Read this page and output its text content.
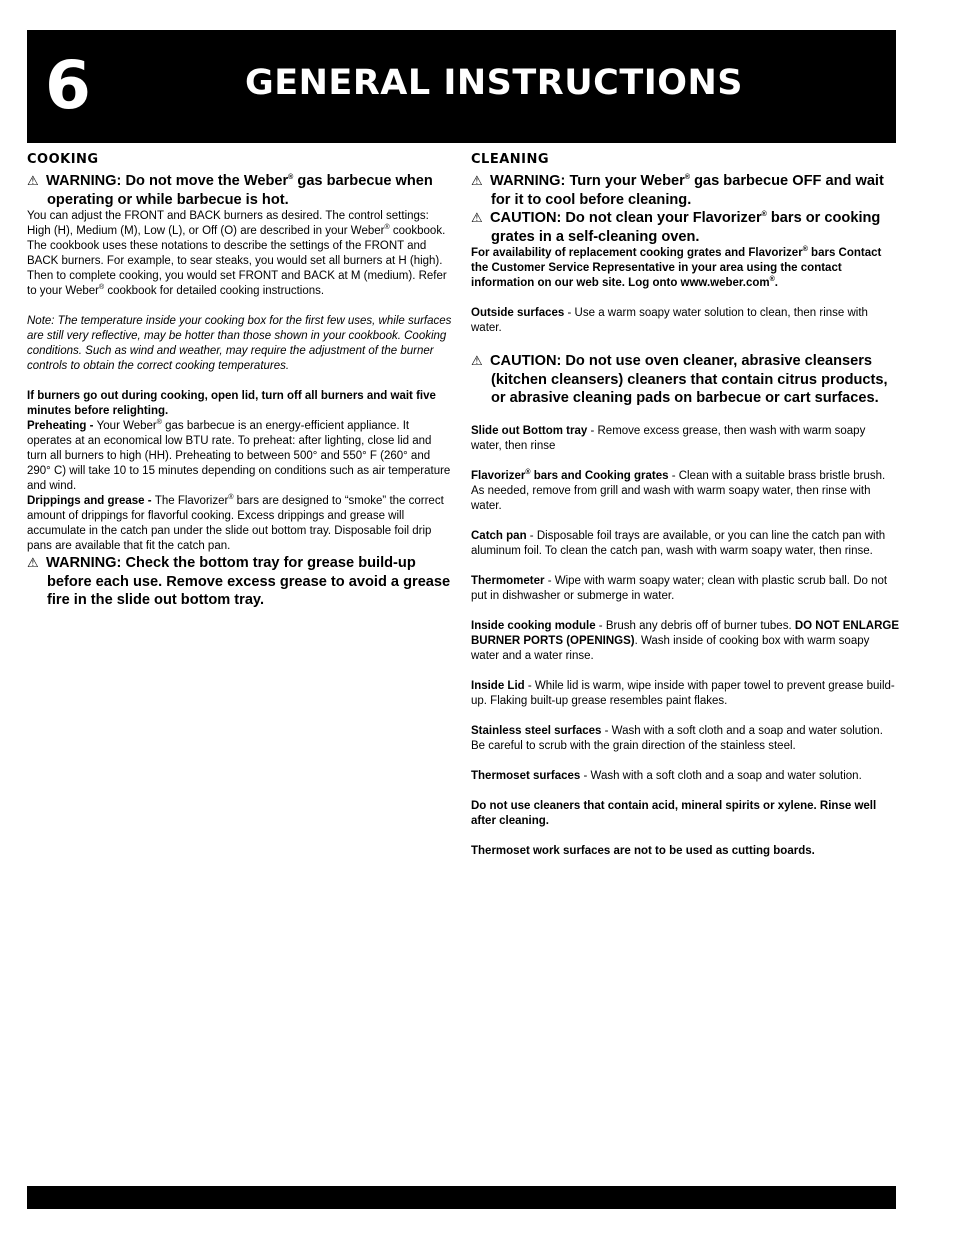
6	GENERAL INSTRUCTIONS
COOKING
⚠ WARNING: Do not move the Weber® gas barbecue when operating or while barbecue is hot.
You can adjust the FRONT and BACK burners as desired. The control settings: High (H), Medium (M), Low (L), or Off (O) are described in your Weber® cookbook. The cookbook uses these notations to describe the settings of the FRONT and BACK burners. For example, to sear steaks, you would set all burners at H (high). Then to complete cooking, you would set FRONT and BACK at M (medium). Refer to your Weber® cookbook for detailed cooking instructions.
Note: The temperature inside your cooking box for the first few uses, while surfaces are still very reflective, may be hotter than those shown in your cookbook. Cooking conditions. Such as wind and weather, may require the adjustment of the burner controls to obtain the correct cooking temperatures.
If burners go out during cooking, open lid, turn off all burners and wait five minutes before relighting.
Preheating - Your Weber® gas barbecue is an energy-efficient appliance. It operates at an economical low BTU rate. To preheat: after lighting, close lid and turn all burners to high (HH). Preheating to between 500° and 550° F (260° and 290° C) will take 10 to 15 minutes depending on conditions such as air temperature and wind.
Drippings and grease - The Flavorizer® bars are designed to “smoke” the correct amount of drippings for flavorful cooking. Excess drippings and grease will accumulate in the catch pan under the slide out bottom tray. Disposable foil drip pans are available that fit the catch pan.
⚠ WARNING: Check the bottom tray for grease build-up before each use. Remove excess grease to avoid a grease fire in the slide out bottom tray.
CLEANING
⚠ WARNING: Turn your Weber® gas barbecue OFF and wait for it to cool before cleaning.
⚠ CAUTION: Do not clean your Flavorizer® bars or cooking grates in a self-cleaning oven.
For availability of replacement cooking grates and Flavorizer® bars Contact the Customer Service Representative in your area using the contact information on our web site. Log onto www.weber.com®.
Outside surfaces - Use a warm soapy water solution to clean, then rinse with water.
⚠ CAUTION: Do not use oven cleaner, abrasive cleansers (kitchen cleansers) cleaners that contain citrus products, or abrasive cleaning pads on barbecue or cart surfaces.
Slide out Bottom tray - Remove excess grease, then wash with warm soapy water, then rinse
Flavorizer® bars and Cooking grates - Clean with a suitable brass bristle brush. As needed, remove from grill and wash with warm soapy water, then rinse with water.
Catch pan - Disposable foil trays are available, or you can line the catch pan with aluminum foil. To clean the catch pan, wash with warm soapy water, then rinse.
Thermometer - Wipe with warm soapy water; clean with plastic scrub ball. Do not put in dishwasher or submerge in water.
Inside cooking module - Brush any debris off of burner tubes. DO NOT ENLARGE BURNER PORTS (OPENINGS). Wash inside of cooking box with warm soapy water and a water rinse.
Inside Lid - While lid is warm, wipe inside with paper towel to prevent grease build-up. Flaking built-up grease resembles paint flakes.
Stainless steel surfaces - Wash with a soft cloth and a soap and water solution. Be careful to scrub with the grain direction of the stainless steel.
Thermoset surfaces - Wash with a soft cloth and a soap and water solution.
Do not use cleaners that contain acid, mineral spirits or xylene. Rinse well after cleaning.
Thermoset work surfaces are not to be used as cutting boards.
